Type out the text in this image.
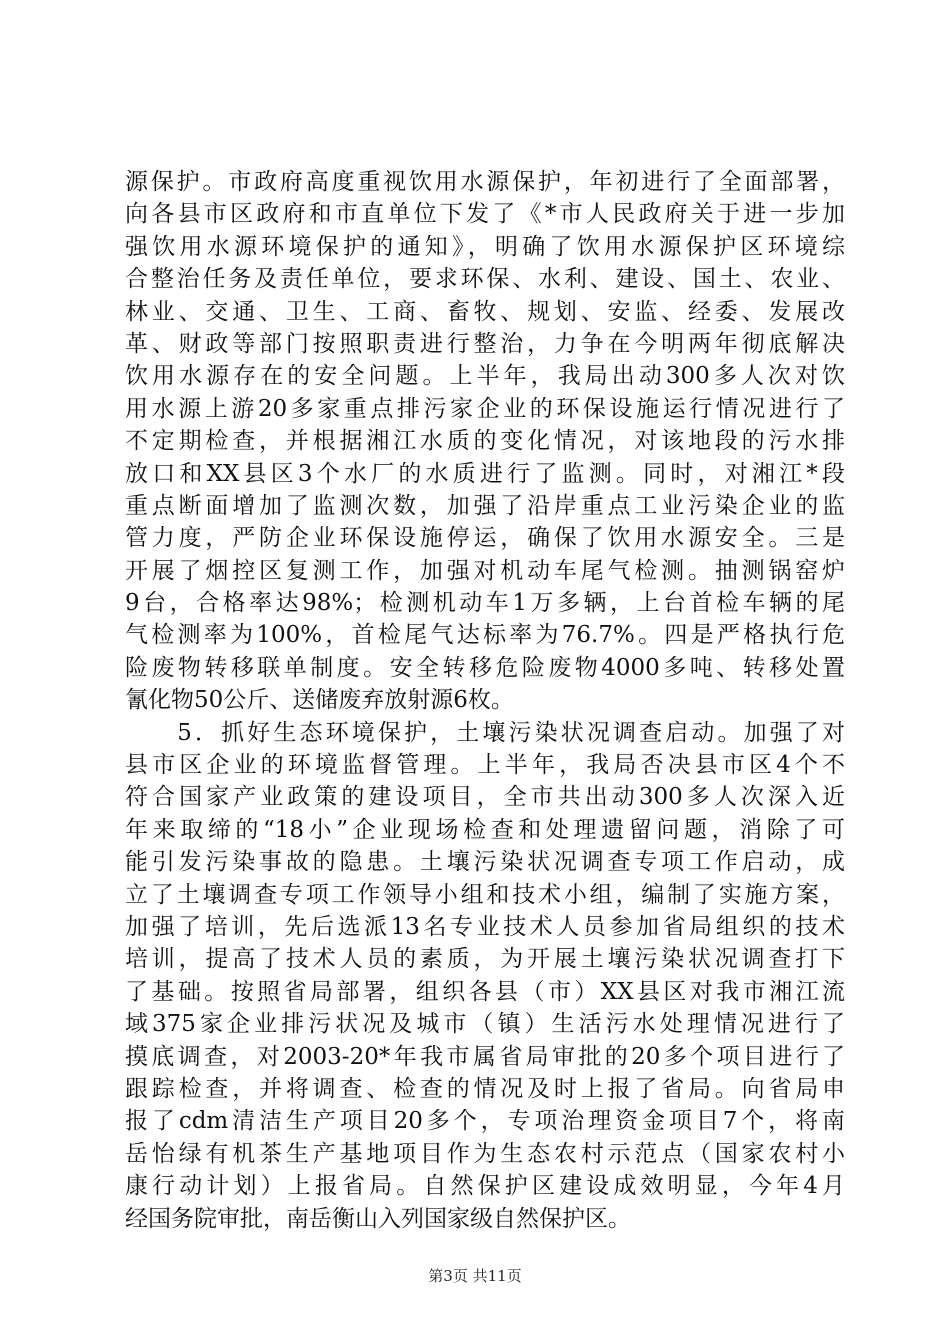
源保护。市政府高度重视饮用水源保护，年初进行了全面部署，
向各县市区政府和市直单位下发了《*市人民政府关于进一步加
强饮用水源环境保护的通知》，明确了饮用水源保护区环境综
合整治任务及责任单位，要求环保、水利、建设、国土、农业、
林业、交通、卫生、工商、畜牧、规划、安监、经委、发展改
革、财政等部门按照职责进行整治，力争在今明两年彻底解决
饮用水源存在的安全问题。上半年，我局出动300多人次对饮
用水源上游20多家重点排污家企业的环保设施运行情况进行了
不定期检查，并根据湘江水质的变化情况，对该地段的污水排
放口和XX县区3个水厂的水质进行了监测。同时，对湘江*段
重点断面增加了监测次数，加强了沿岸重点工业污染企业的监
管力度，严防企业环保设施停运，确保了饮用水源安全。三是
开展了烟控区复测工作，加强对机动车尾气检测。抽测锅窑炉
9台，合格率达98%；检测机动车1万多辆，上台首检车辆的尾
气检测率为100%，首检尾气达标率为76.7%。四是严格执行危
险废物转移联单制度。安全转移危险废物4000多吨、转移处置
氰化物50公斤、送储废弃放射源6枚。
　　5．抓好生态环境保护，土壤污染状况调查启动。加强了对
县市区企业的环境监督管理。上半年，我局否决县市区4个不
符合国家产业政策的建设项目，全市共出动300多人次深入近
年来取缔的“18小”企业现场检查和处理遗留问题，消除了可
能引发污染事故的隐患。土壤污染状况调查专项工作启动，成
立了土壤调查专项工作领导小组和技术小组，编制了实施方案，
加强了培训，先后选派13名专业技术人员参加省局组织的技术
培训，提高了技术人员的素质，为开展土壤污染状况调查打下
了基础。按照省局部署，组织各县（市）XX县区对我市湘江流
域375家企业排污状况及城市（镇）生活污水处理情况进行了
摸底调查，对2003-20*年我市属省局审批的20多个项目进行了
跟踪检查，并将调查、检查的情况及时上报了省局。向省局申
报了cdm清洁生产项目20多个，专项治理资金项目7个，将南
岳怡绿有机茶生产基地项目作为生态农村示范点（国家农村小
康行动计划）上报省局。自然保护区建设成效明显，今年4月
经国务院审批，南岳衡山入列国家级自然保护区。
第3页 共11页
